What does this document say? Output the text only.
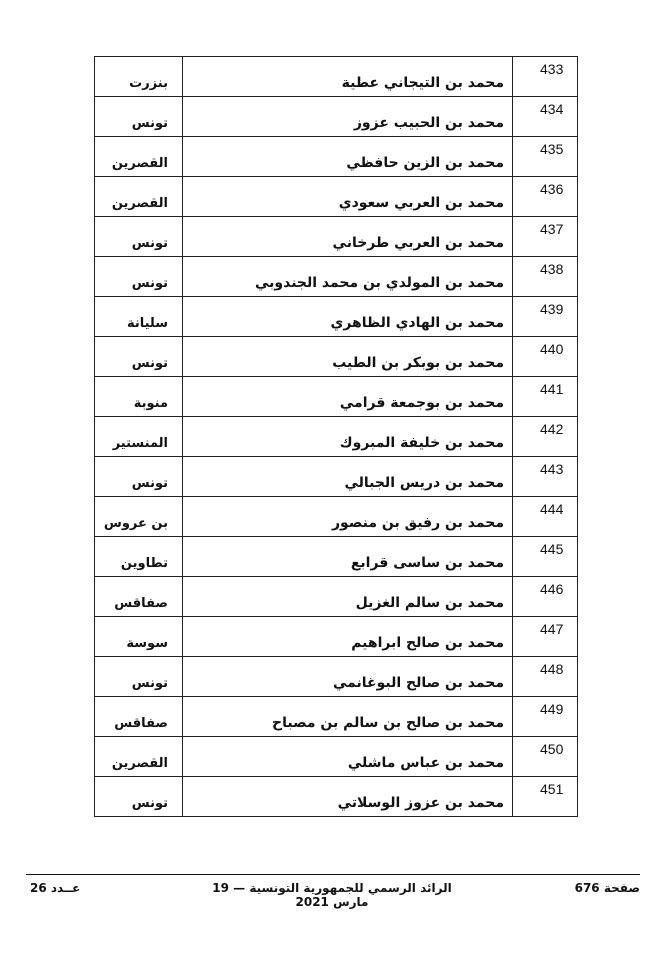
بنزرت	محمد بن التيجاني عطية	433

تونس	محمد بن الحبيب عزوز	434

القصرين	محمد بن الزين حافظي	435

القصرين	محمد بن العربي سعودي	436

تونس	محمد بن العربي طرخاني	437

تونس	محمد بن المولدي بن محمد الجندوبي	438

سليانة	محمد بن الهادي الظاهري	439

تونس	محمد بن بوبكر بن الطيب	440

منوبة	محمد بن بوجمعة قرامي	441

المنستير	محمد بن خليفة المبروك	442

تونس	محمد بن دريس الجبالي	443

بن عروس	محمد بن رفيق بن منصور	444

تطاوين	محمد بن ساسى قرابع	445

صفاقس	محمد بن سالم الغزيل	446

سوسة	محمد بن صالح ابراهيم	447

تونس	محمد بن صالح البوغانمي	448

صفاقس	محمد بن صالح بن سالم بن مصباح	449

القصرين	محمد بن عباس ماشلي	450

تونس	محمد بن عزوز الوسلاتي	451
صفحة 676
الرائد الرسمي للجمهورية التونسية — 19 مارس 2021
عــدد 26
